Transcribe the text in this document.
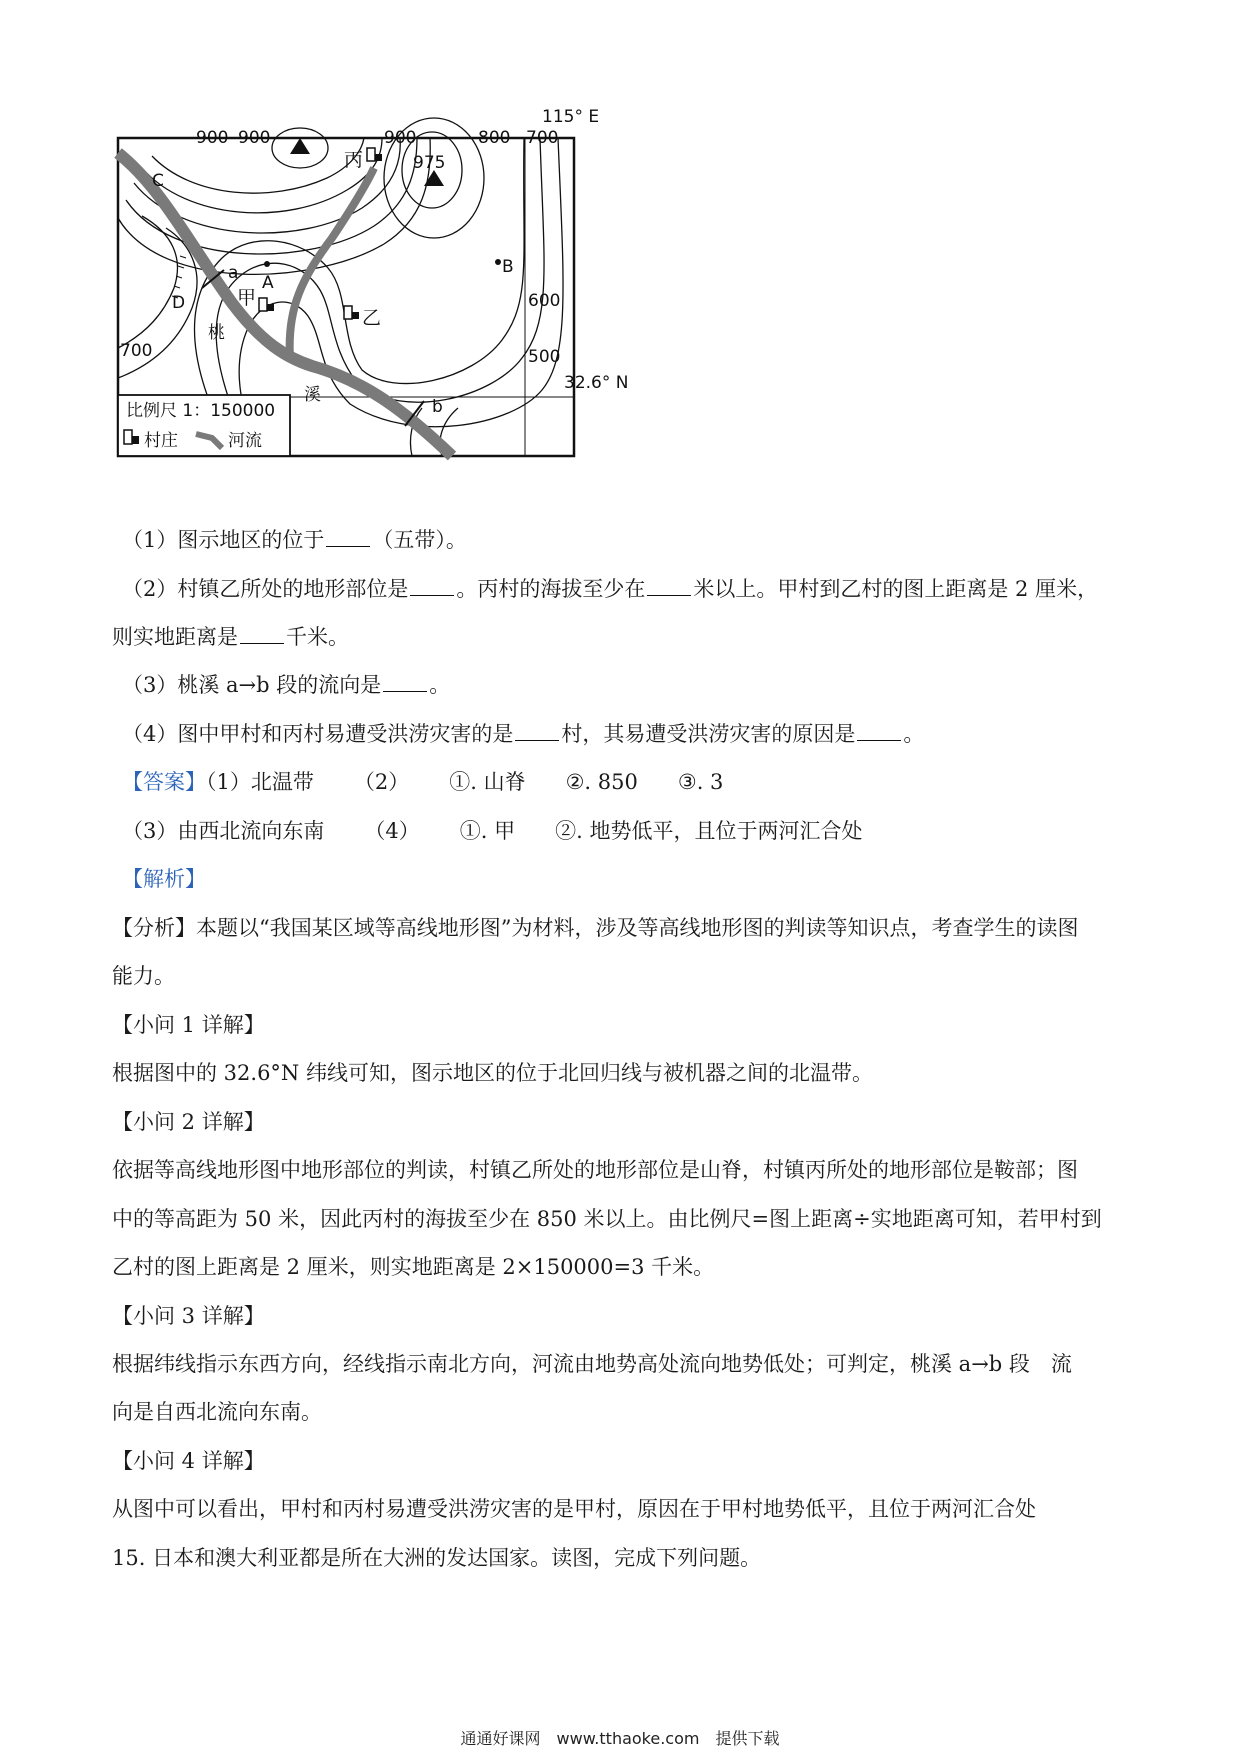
115° E
900 900	900	800 700
975
600
500
700
丙
甲
乙
A
B
C
D
a
b
桃
溪
32.6° N
比例尺 1：150000
村庄	河流
（1）图示地区的位于 （五带）。
（2）村镇乙所处的地形部位是 。丙村的海拔至少在 米以上。甲村到乙村的图上距离是 2 厘米，
则实地距离是 千米。
（3）桃溪 a→b 段的流向是 。
（4）图中甲村和丙村易遭受洪涝灾害的是 村，其易遭受洪涝灾害的原因是 。
【答案】（1）北温带 （2） ①. 山脊 ②. 850 ③. 3
（3）由西北流向东南 （4） ①. 甲 ②. 地势低平，且位于两河汇合处
【解析】
【分析】本题以“我国某区域等高线地形图”为材料，涉及等高线地形图的判读等知识点，考查学生的读图
能力。
【小问 1 详解】
根据图中的 32.6°N 纬线可知，图示地区的位于北回归线与被机器之间的北温带。
【小问 2 详解】
依据等高线地形图中地形部位的判读，村镇乙所处的地形部位是山脊，村镇丙所处的地形部位是鞍部；图
中的等高距为 50 米，因此丙村的海拔至少在 850 米以上。由比例尺=图上距离÷实地距离可知，若甲村到
乙村的图上距离是 2 厘米，则实地距离是 2×150000=3 千米。
【小问 3 详解】
根据纬线指示东西方向，经线指示南北方向，河流由地势高处流向地势低处；可判定，桃溪 a→b 段　流
向是自西北流向东南。
【小问 4 详解】
从图中可以看出，甲村和丙村易遭受洪涝灾害的是甲村，原因在于甲村地势低平，且位于两河汇合处
15. 日本和澳大利亚都是所在大洲的发达国家。读图，完成下列问题。
通通好课网　www.tthaoke.com　提供下载
